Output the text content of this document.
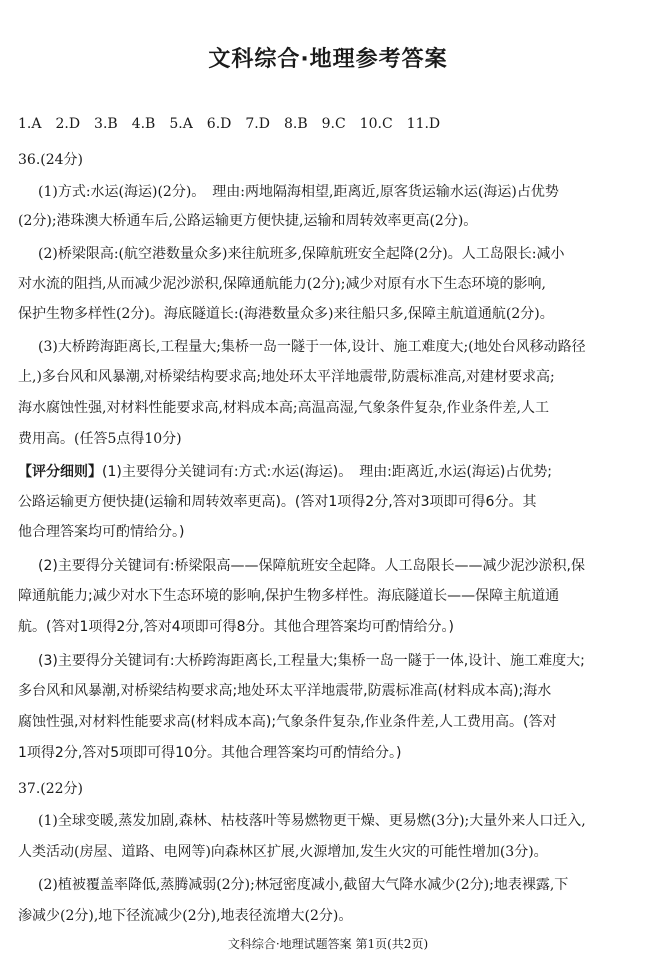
文科综合·地理参考答案
1.A　2.D　3.B　4.B　5.A　6.D　7.D　8.B　9.C　10.C　11.D
36.(24分)
(1)方式:水运(海运)(2分)。　理由:两地隔海相望,距离近,原客货运输水运(海运)占优势
(2分);港珠澳大桥通车后,公路运输更方便快捷,运输和周转效率更高(2分)。
(2)桥梁限高:(航空港数量众多)来往航班多,保障航班安全起降(2分)。人工岛限长:减小
对水流的阻挡,从而减少泥沙淤积,保障通航能力(2分);减少对原有水下生态环境的影响,
保护生物多样性(2分)。海底隧道长:(海港数量众多)来往船只多,保障主航道通航(2分)。
(3)大桥跨海距离长,工程量大;集桥一岛一隧于一体,设计、施工难度大;(地处台风移动路径
上,)多台风和风暴潮,对桥梁结构要求高;地处环太平洋地震带,防震标准高,对建材要求高;
海水腐蚀性强,对材料性能要求高,材料成本高;高温高湿,气象条件复杂,作业条件差,人工
费用高。(任答5点得10分)
【评分细则】(1)主要得分关键词有:方式:水运(海运)。　理由:距离近,水运(海运)占优势;
公路运输更方便快捷(运输和周转效率更高)。(答对1项得2分,答对3项即可得6分。其
他合理答案均可酌情给分。)
(2)主要得分关键词有:桥梁限高——保障航班安全起降。人工岛限长——减少泥沙淤积,保
障通航能力;减少对水下生态环境的影响,保护生物多样性。海底隧道长——保障主航道通
航。(答对1项得2分,答对4项即可得8分。其他合理答案均可酌情给分。)
(3)主要得分关键词有:大桥跨海距离长,工程量大;集桥一岛一隧于一体,设计、施工难度大;
多台风和风暴潮,对桥梁结构要求高;地处环太平洋地震带,防震标准高(材料成本高);海水
腐蚀性强,对材料性能要求高(材料成本高);气象条件复杂,作业条件差,人工费用高。(答对
1项得2分,答对5项即可得10分。其他合理答案均可酌情给分。)
37.(22分)
(1)全球变暖,蒸发加剧,森林、枯枝落叶等易燃物更干燥、更易燃(3分);大量外来人口迁入,
人类活动(房屋、道路、电网等)向森林区扩展,火源增加,发生火灾的可能性增加(3分)。
(2)植被覆盖率降低,蒸腾减弱(2分);林冠密度减小,截留大气降水减少(2分);地表裸露,下
渗减少(2分),地下径流减少(2分),地表径流增大(2分)。
文科综合·地理试题答案 第1页(共2页)
